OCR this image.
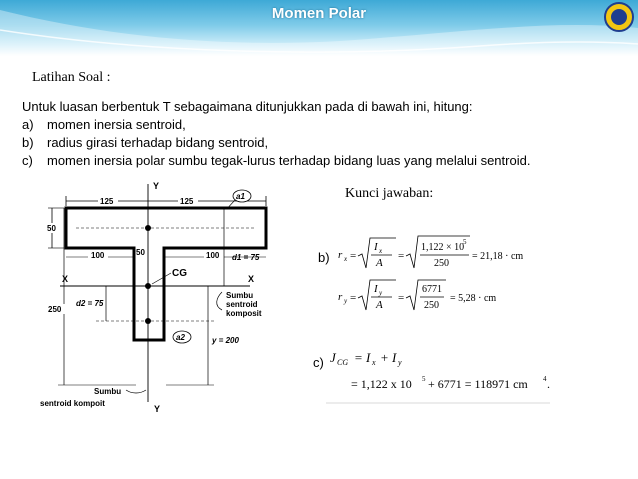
Momen Polar
Latihan Soal :
Untuk luasan berbentuk T sebagaimana ditunjukkan pada di bawah ini, hitung:
a) momen inersia sentroid,
b) radius girasi terhadap bidang sentroid,
c) momen inersia polar sumbu tegak-lurus terhadap bidang luas yang melalui sentroid.
Kunci jawaban:
125	125
Y
Y
a1
50
100	50	100 d1 = 75
X	X
CG
250
d2 = 75
a2
Sumbu
sentroid
komposit
y = 200
Sumbu
sentroid kompoit
b) r x =
I x
A
=
1,122 × 10
5
250
= 21,18 · cm
r y =
I y
A
=
6771
250
= 5,28 · cm
c) J CG = I x + I y
= 1,122 x 10 5 + 6771 = 118971 cm 4 .
